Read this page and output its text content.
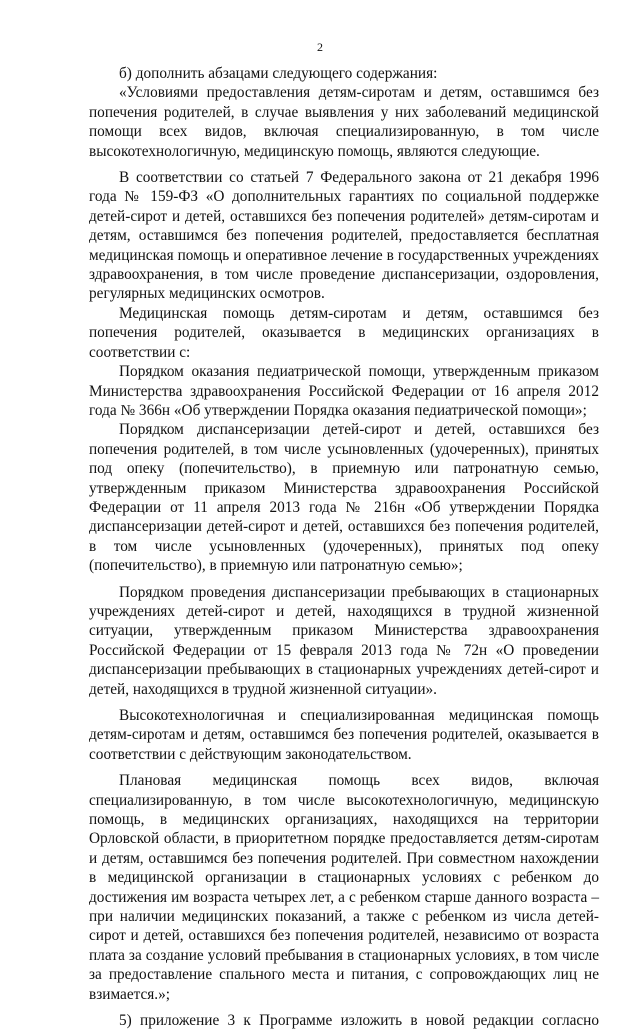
2

б) дополнить абзацами следующего содержания:

«Условиями предоставления детям-сиротам и детям, оставшимся без попечения родителей, в случае выявления у них заболеваний медицинской помощи всех видов, включая специализированную, в том числе высокотехнологичную, медицинскую помощь, являются следующие.

В соответствии со статьей 7 Федерального закона от 21 декабря 1996 года № 159-ФЗ «О дополнительных гарантиях по социальной поддержке детей-сирот и детей, оставшихся без попечения родителей» детям-сиротам и детям, оставшимся без попечения родителей, предоставляется бесплатная медицинская помощь и оперативное лечение в государственных учреждениях здравоохранения, в том числе проведение диспансеризации, оздоровления, регулярных медицинских осмотров.

Медицинская помощь детям-сиротам и детям, оставшимся без попечения родителей, оказывается в медицинских организациях в соответствии с:

Порядком оказания педиатрической помощи, утвержденным приказом Министерства здравоохранения Российской Федерации от 16 апреля 2012 года № 366н «Об утверждении Порядка оказания педиатрической помощи»;

Порядком диспансеризации детей-сирот и детей, оставшихся без попечения родителей, в том числе усыновленных (удочеренных), принятых под опеку (попечительство), в приемную или патронатную семью, утвержденным приказом Министерства здравоохранения Российской Федерации от 11 апреля 2013 года № 216н «Об утверждении Порядка диспансеризации детей-сирот и детей, оставшихся без попечения родителей, в том числе усыновленных (удочеренных), принятых под опеку (попечительство), в приемную или патронатную семью»;

Порядком проведения диспансеризации пребывающих в стационарных учреждениях детей-сирот и детей, находящихся в трудной жизненной ситуации, утвержденным приказом Министерства здравоохранения Российской Федерации от 15 февраля 2013 года № 72н «О проведении диспансеризации пребывающих в стационарных учреждениях детей-сирот и детей, находящихся в трудной жизненной ситуации».

Высокотехнологичная и специализированная медицинская помощь детям-сиротам и детям, оставшимся без попечения родителей, оказывается в соответствии с действующим законодательством.

Плановая медицинская помощь всех видов, включая специализированную, в том числе высокотехнологичную, медицинскую помощь, в медицинских организациях, находящихся на территории Орловской области, в приоритетном порядке предоставляется детям-сиротам и детям, оставшимся без попечения родителей. При совместном нахождении в медицинской организации в стационарных условиях с ребенком до достижения им возраста четырех лет, а с ребенком старше данного возраста – при наличии медицинских показаний, а также с ребенком из числа детей-сирот и детей, оставшихся без попечения родителей, независимо от возраста плата за создание условий пребывания в стационарных условиях, в том числе за предоставление спального места и питания, с сопровождающих лиц не взимается.»;

5) приложение 3 к Программе изложить в новой редакции согласно
